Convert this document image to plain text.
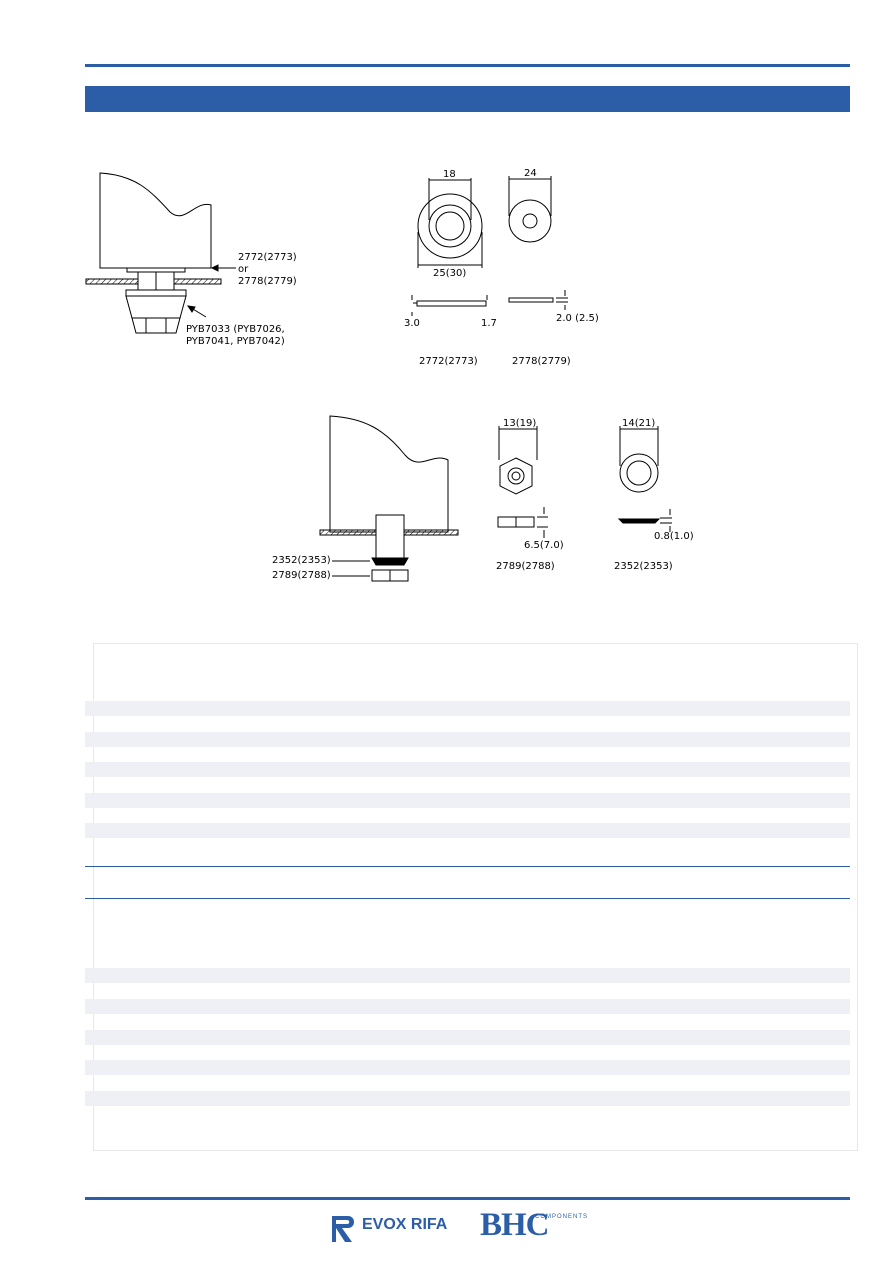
2772(2773)
or
2778(2779)
PYB7033 (PYB7026,
PYB7041, PYB7042)
18
25(30)
24
3.0	1.7	2.0 (2.5)
2772(2773)	2778(2779)
2352(2353)
2789(2788)
13(19)
6.5(7.0)
2789(2788)
14(21)
0.8(1.0)
2352(2353)
EVOX RIFA BHC
COMPONENTS
